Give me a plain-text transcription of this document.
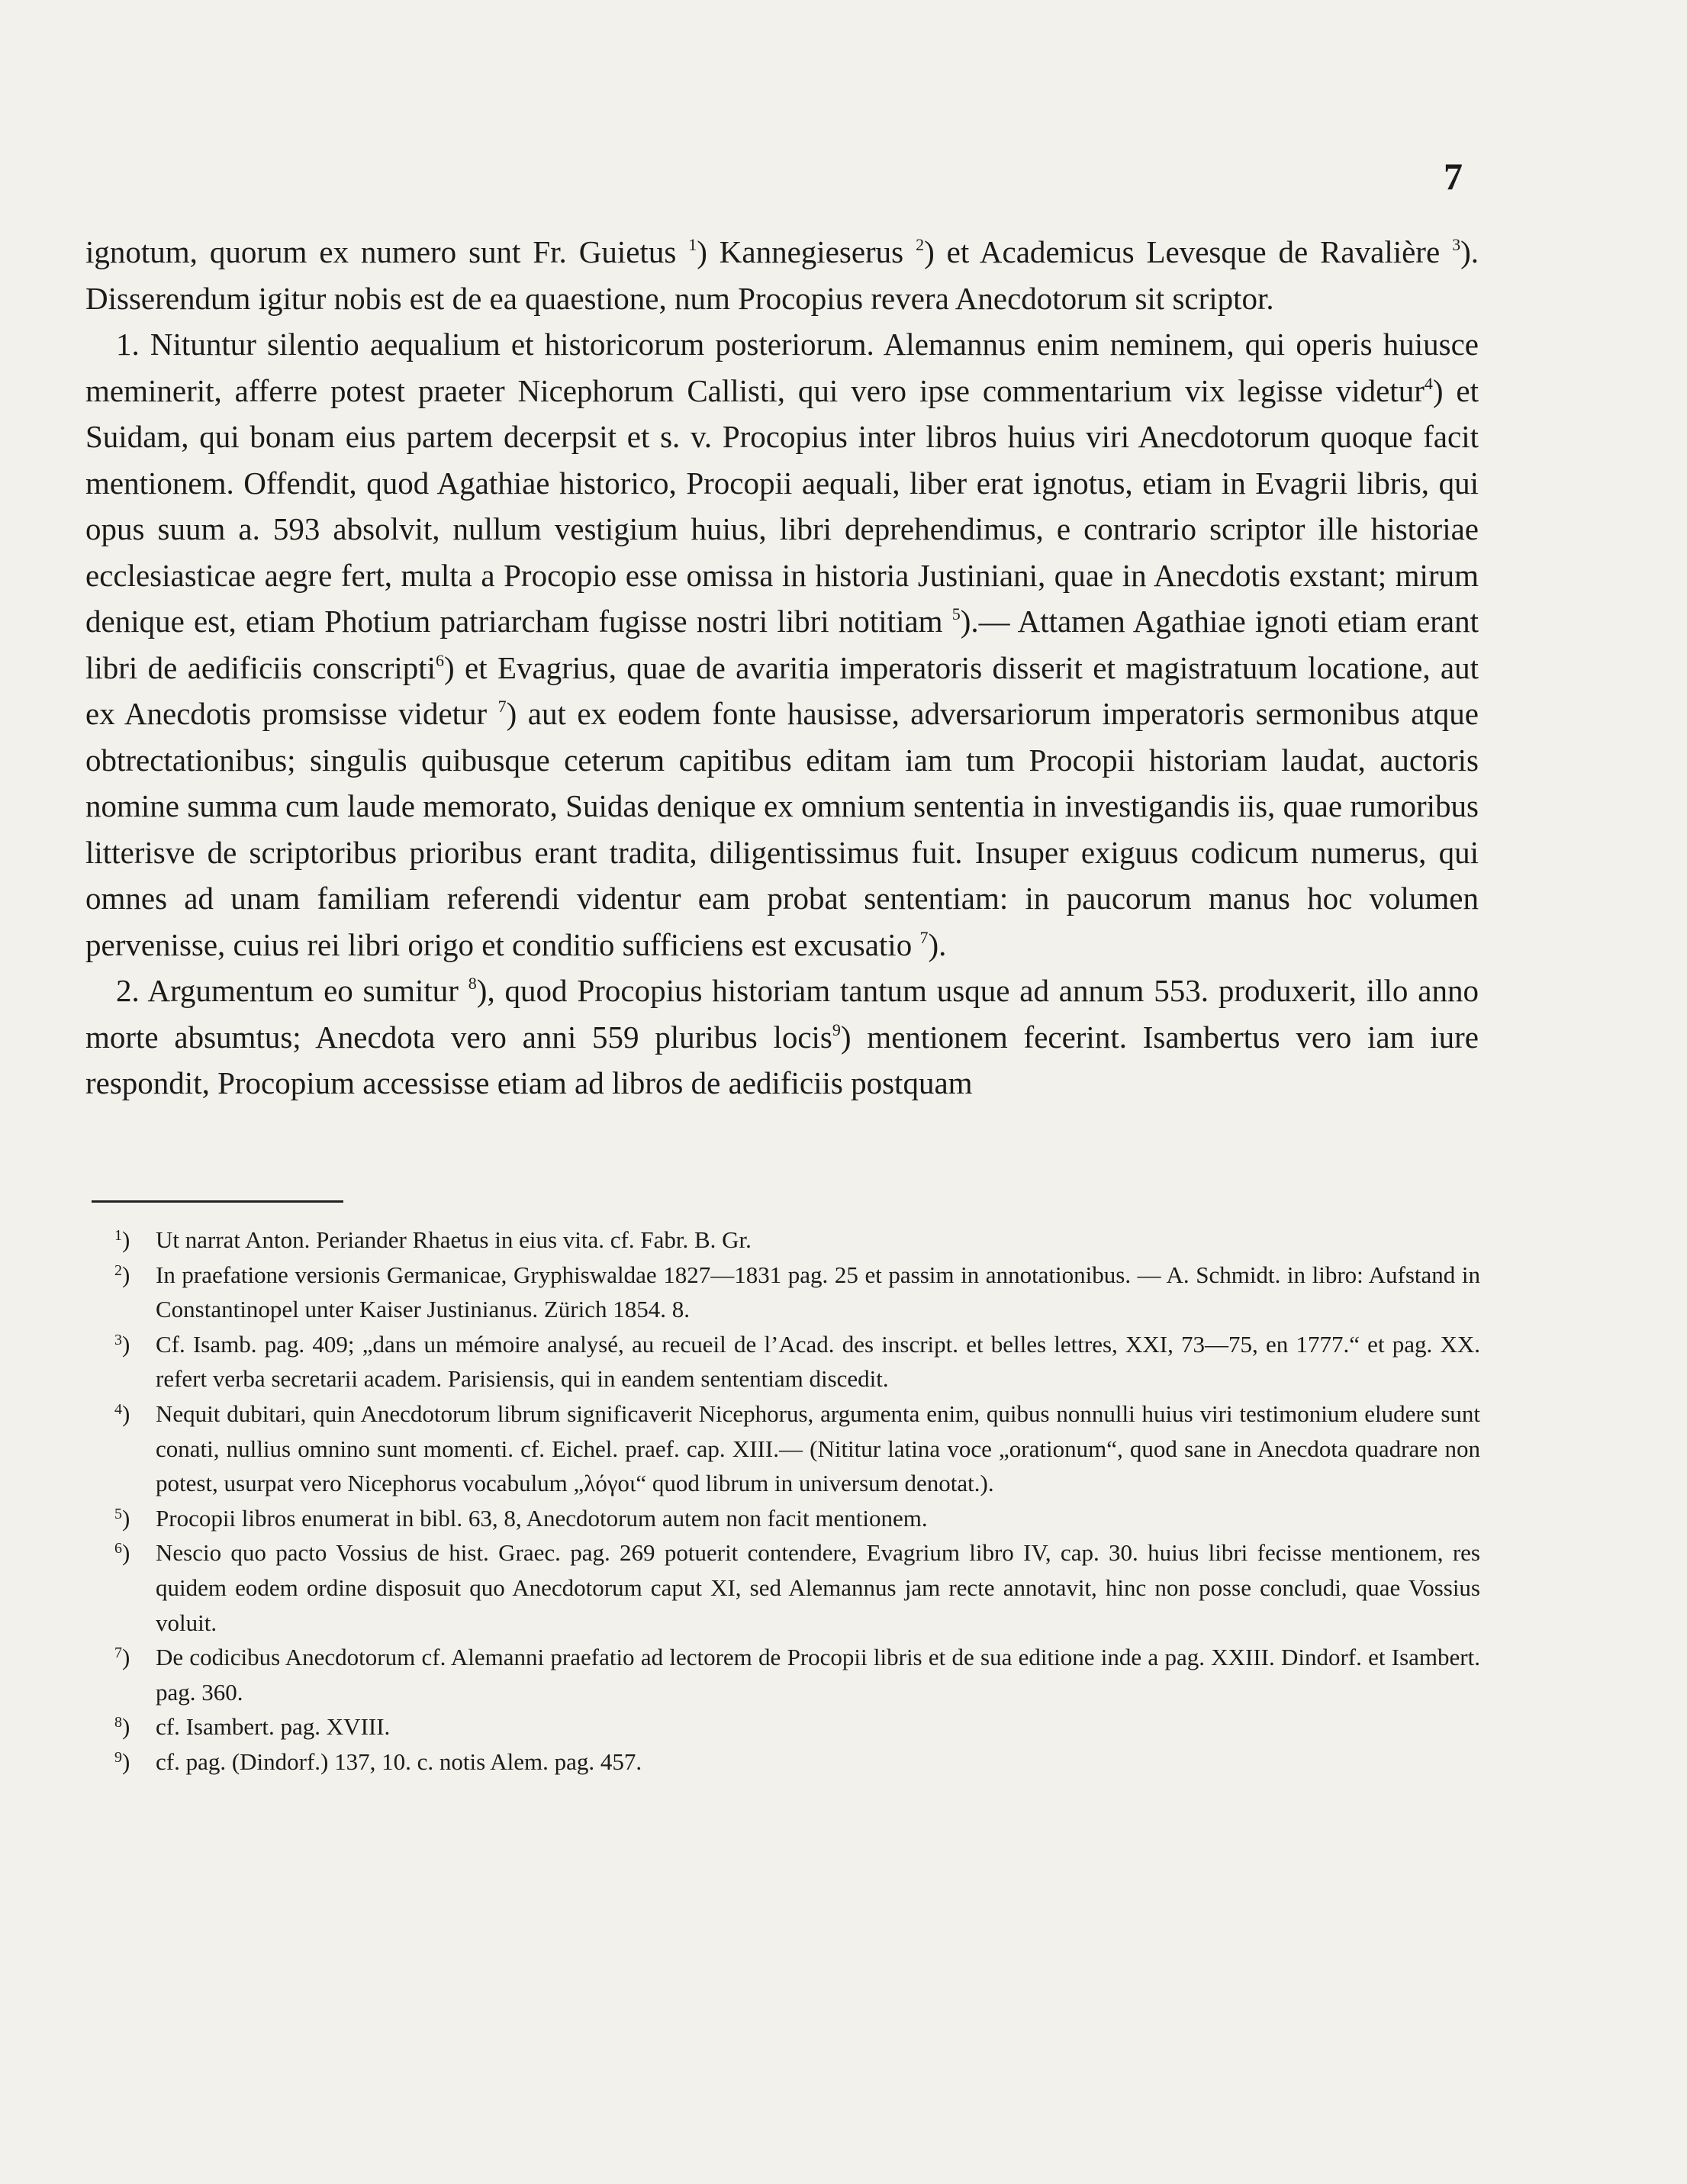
7

ignotum, quorum ex numero sunt Fr. Guietus $^1$) Kannegieserus $^2$) et Academicus Levesque de Ravalière $^3$). Disserendum igitur nobis est de ea quaestione, num Procopius revera Anecdotorum sit scriptor.

1. Nituntur silentio aequalium et historicorum posteriorum. Alemannus enim neminem, qui operis huiusce meminerit, afferre potest praeter Nicephorum Callisti, qui vero ipse commentarium vix legisse videtur$^4$) et Suidam, qui bonam eius partem decerpsit et s. v. Procopius inter libros huius viri Anecdotorum quoque facit mentionem. Offendit, quod Agathiae historico, Procopii aequali, liber erat ignotus, etiam in Evagrii libris, qui opus suum a. 593 absolvit, nullum vestigium huius, libri deprehendimus, e contrario scriptor ille historiae ecclesiasticae aegre fert, multa a Procopio esse omissa in historia Justiniani, quae in Anecdotis exstant; mirum denique est, etiam Photium patriarcham fugisse nostri libri notitiam $^5$).— Attamen Agathiae ignoti etiam erant libri de aedificiis conscripti$^6$) et Evagrius, quae de avaritia imperatoris disserit et magistratuum locatione, aut ex Anecdotis promsisse videtur $^7$) aut ex eodem fonte hausisse, adversariorum imperatoris sermonibus atque obtrectationibus; singulis quibusque ceterum capitibus editam iam tum Procopii historiam laudat, auctoris nomine summa cum laude memorato, Suidas denique ex omnium sententia in investigandis iis, quae rumoribus litterisve de scriptoribus prioribus erant tradita, diligentissimus fuit. Insuper exiguus codicum numerus, qui omnes ad unam familiam referendi videntur eam probat sententiam: in paucorum manus hoc volumen pervenisse, cuius rei libri origo et conditio sufficiens est excusatio $^7$).

2. Argumentum eo sumitur $^8$), quod Procopius historiam tantum usque ad annum 553. produxerit, illo anno morte absumtus; Anecdota vero anni 559 pluribus locis$^9$) mentionem fecerint. Isambertus vero iam iure respondit, Procopium accessisse etiam ad libros de aedificiis postquam

$^1$) Ut narrat Anton. Periander Rhaetus in eius vita. cf. Fabr. B. Gr.

$^2$) In praefatione versionis Germanicae, Gryphiswaldae 1827—1831 pag. 25 et passim in annotationibus. — A. Schmidt. in libro: Aufstand in Constantinopel unter Kaiser Justinianus. Zürich 1854. 8.

$^3$) Cf. Isamb. pag. 409; „dans un mémoire analysé, au recueil de l’Acad. des inscript. et belles lettres, XXI, 73—75, en 1777.“ et pag. XX. refert verba secretarii academ. Parisiensis, qui in eandem sententiam discedit.

$^4$) Nequit dubitari, quin Anecdotorum librum significaverit Nicephorus, argumenta enim, quibus nonnulli huius viri testimonium eludere sunt conati, nullius omnino sunt momenti. cf. Eichel. praef. cap. XIII.— (Nititur latina voce „orationum“, quod sane in Anecdota quadrare non potest, usurpat vero Nicephorus vocabulum „λόγοι“ quod librum in universum denotat.).

$^5$) Procopii libros enumerat in bibl. 63, 8, Anecdotorum autem non facit mentionem.

$^6$) Nescio quo pacto Vossius de hist. Graec. pag. 269 potuerit contendere, Evagrium libro IV, cap. 30. huius libri fecisse mentionem, res quidem eodem ordine disposuit quo Anecdotorum caput XI, sed Alemannus jam recte annotavit, hinc non posse concludi, quae Vossius voluit.

$^7$) De codicibus Anecdotorum cf. Alemanni praefatio ad lectorem de Procopii libris et de sua editione inde a pag. XXIII. Dindorf. et Isambert. pag. 360.

$^8$) cf. Isambert. pag. XVIII.

$^9$) cf. pag. (Dindorf.) 137, 10. c. notis Alem. pag. 457.
